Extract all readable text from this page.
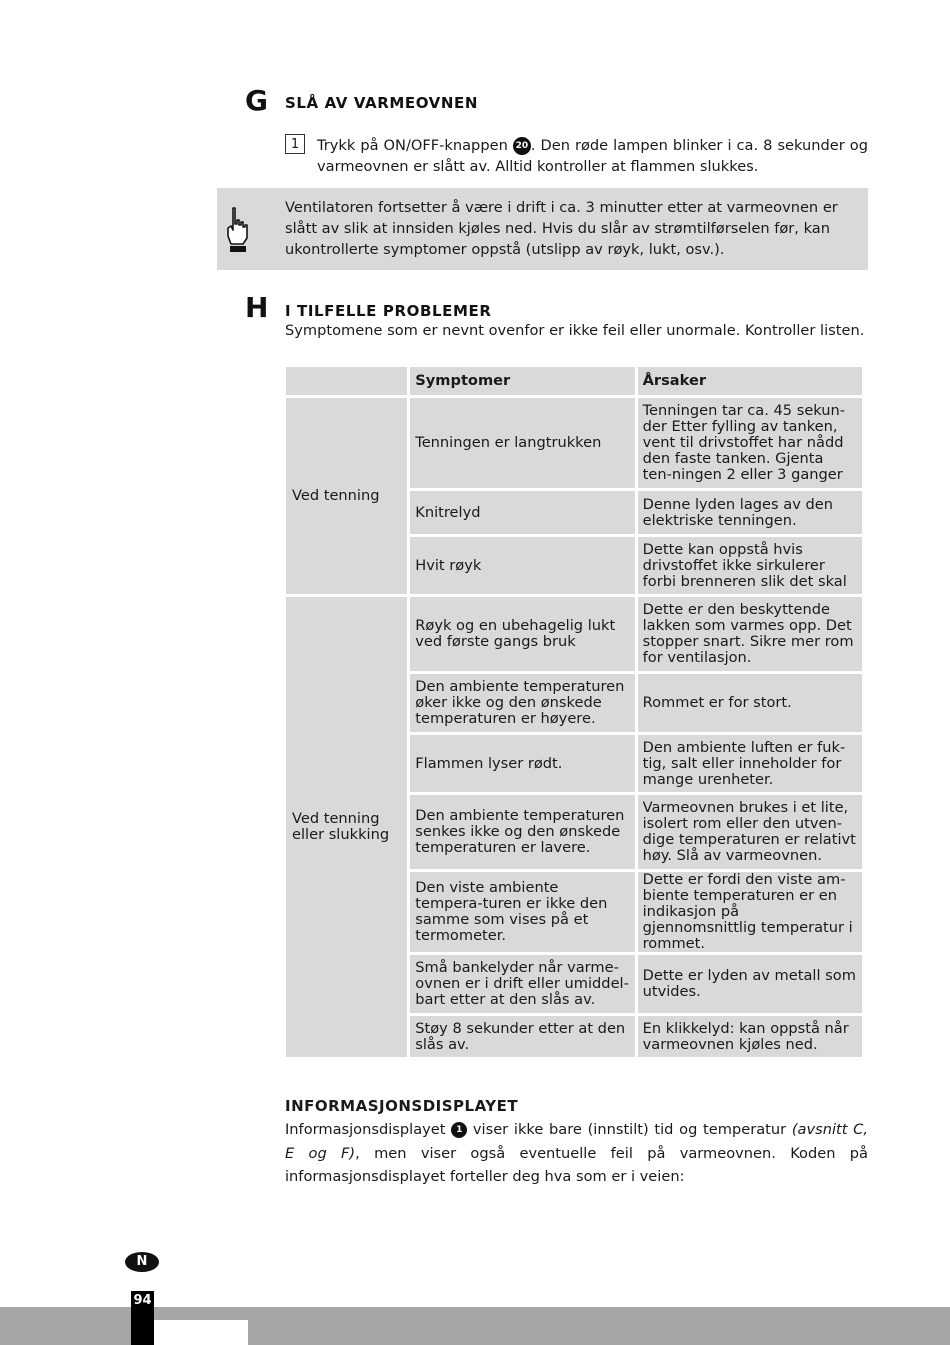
G SLÅ AV VARMEOVNEN
1	Trykk på ON/OFF-knappen 20 . Den røde lampen blinker i ca. 8 sekunder og varmeovnen er slått av. Alltid kontroller at flammen slukkes.
Ventilatoren fortsetter å være i drift i ca. 3 minutter etter at varmeovnen er slått av slik at innsiden kjøles ned. Hvis du slår av strømtilførselen før, kan ukontrollerte symptomer oppstå (utslipp av røyk, lukt, osv.).
H I TILFELLE PROBLEMER
Symptomene som er nevnt ovenfor er ikke feil eller unormale. Kontroller listen.
	Symptomer	Årsaker
Ved tenning	Tenningen er langtrukken	Tenningen tar ca. 45 sekun-der Etter fylling av tanken, vent til drivstoffet har nådd den faste tanken. Gjenta ten-ningen 2 eller 3 ganger
	Knitrelyd	Denne lyden lages av den elektriske tenningen.
	Hvit røyk	Dette kan oppstå hvis drivstoffet ikke sirkulerer forbi brenneren slik det skal
Ved tenning eller slukking	Røyk og en ubehagelig lukt ved første gangs bruk	Dette er den beskyttende lakken som varmes opp. Det stopper snart. Sikre mer rom for ventilasjon.
	Den ambiente temperaturen øker ikke og den ønskede temperaturen er høyere.	Rommet er for stort.
	Flammen lyser rødt.	Den ambiente luften er fuk-tig, salt eller inneholder for mange urenheter.
	Den ambiente temperaturen senkes ikke og den ønskede temperaturen er lavere.	Varmeovnen brukes i et lite, isolert rom eller den utven-dige temperaturen er relativt høy. Slå av varmeovnen.
	Den viste ambiente tempera-turen er ikke den samme som vises på et termometer.	Dette er fordi den viste am-biente temperaturen er en indikasjon på gjennomsnittlig temperatur i rommet.
	Små bankelyder når varme-ovnen er i drift eller umiddel-bart etter at den slås av.	Dette er lyden av metall som utvides.
	Støy 8 sekunder etter at den slås av.	En klikkelyd: kan oppstå når varmeovnen kjøles ned.
INFORMASJONSDISPLAYET
Informasjonsdisplayet 1 viser ikke bare (innstilt) tid og temperatur (avsnitt C, E og F), men viser også eventuelle feil på varmeovnen. Koden på informasjonsdisplayet forteller deg hva som er i veien:
N
94
